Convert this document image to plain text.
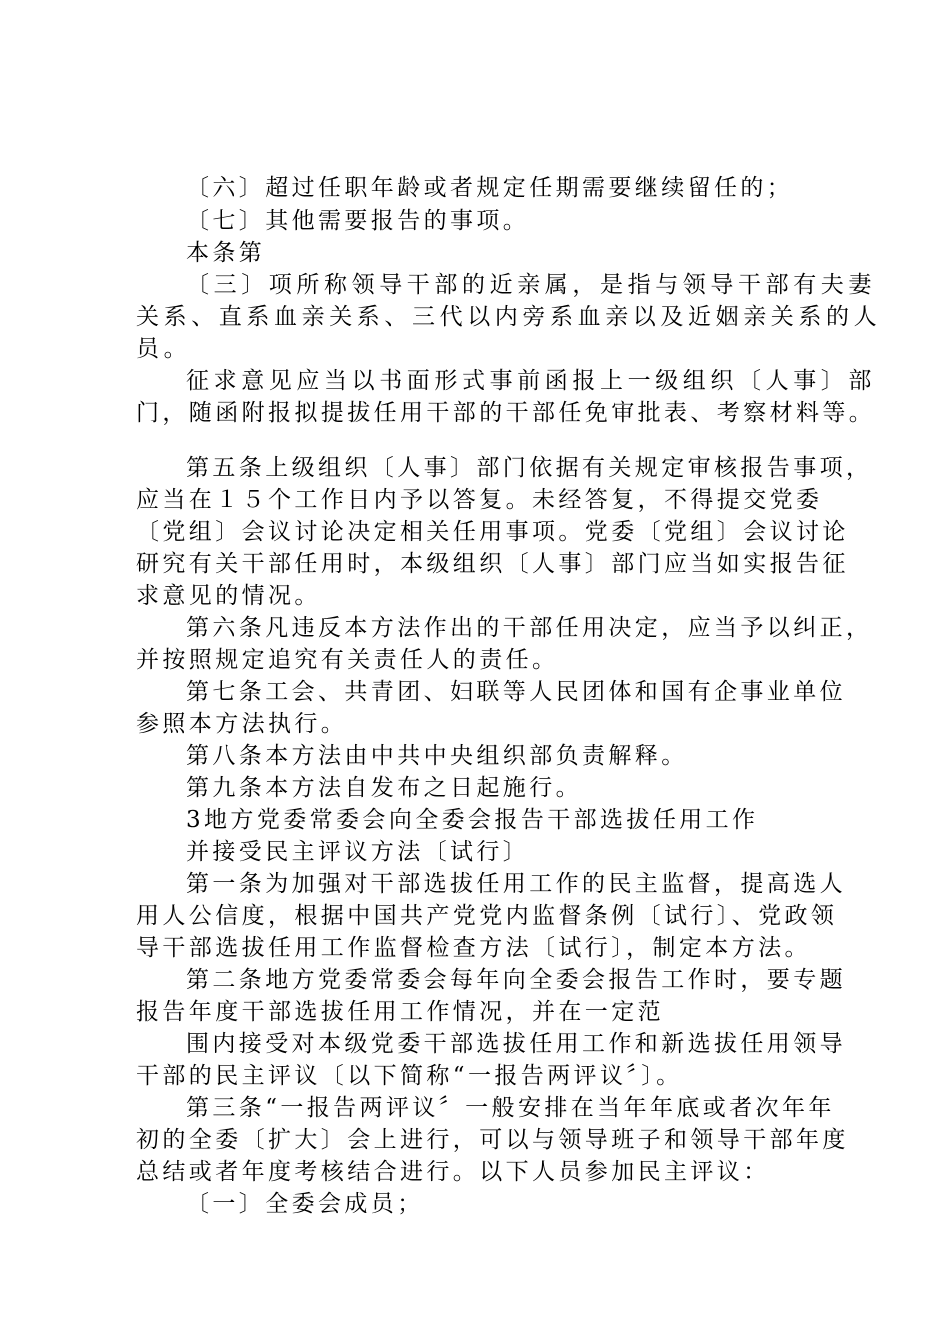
〔六〕超过任职年龄或者规定任期需要继续留任的；
〔七〕其他需要报告的事项。
本条第
〔三〕项所称领导干部的近亲属，是指与领导干部有夫妻
关系、直系血亲关系、三代以内旁系血亲以及近姻亲关系的人
员。
征求意见应当以书面形式事前函报上一级组织〔人事〕部
门，随函附报拟提拔任用干部的干部任免审批表、考察材料等。
第五条上级组织〔人事〕部门依据有关规定审核报告事项，
应当在１５个工作日内予以答复。未经答复，不得提交党委
〔党组〕会议讨论决定相关任用事项。党委〔党组〕会议讨论
研究有关干部任用时，本级组织〔人事〕部门应当如实报告征
求意见的情况。
第六条凡违反本方法作出的干部任用决定，应当予以纠正，
并按照规定追究有关责任人的责任。
第七条工会、共青团、妇联等人民团体和国有企事业单位
参照本方法执行。
第八条本方法由中共中央组织部负责解释。
第九条本方法自发布之日起施行。
3地方党委常委会向全委会报告干部选拔任用工作
并接受民主评议方法〔试行〕
第一条为加强对干部选拔任用工作的民主监督，提高选人
用人公信度，根据中国共产党党内监督条例〔试行〕、党政领
导干部选拔任用工作监督检查方法〔试行〕，制定本方法。
第二条地方党委常委会每年向全委会报告工作时，要专题
报告年度干部选拔任用工作情况，并在一定范
围内接受对本级党委干部选拔任用工作和新选拔任用领导
干部的民主评议〔以下简称“一报告两评议〞〕。
第三条“一报告两评议〞一般安排在当年年底或者次年年
初的全委〔扩大〕会上进行，可以与领导班子和领导干部年度
总结或者年度考核结合进行。以下人员参加民主评议：
〔一〕全委会成员；
